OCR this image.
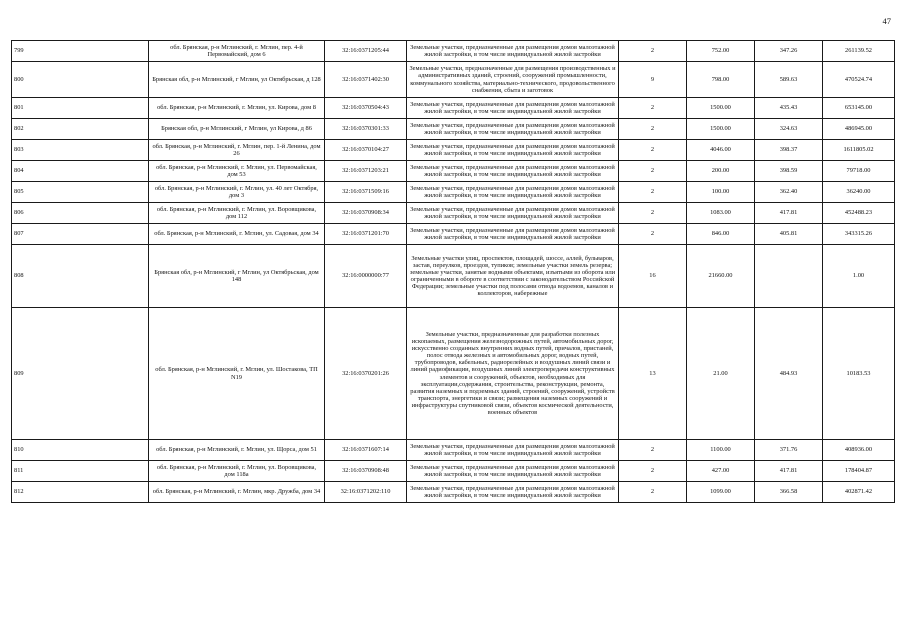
47
799	обл. Брянская, р-н Мглинский, г. Мглин, пер. 4-й Первомайский, дом 6	32:16:0371205:44	Земельные участки, предназначенные для размещения домов малоэтажной жилой застройки, в том числе индивидуальной жилой застройки	2	752.00	347.26	261139.52
800	Брянская обл, р-н Мглинский, г Мглин, ул Октябрьская, д 128	32:16:0371402:30	Земельные участки, предназначенные для размещения производственных и административных зданий, строений, сооружений промышленности, коммунального хозяйства, материально-технического, продовольственного снабжения, сбыта и заготовок	9	798.00	589.63	470524.74
801	обл. Брянская, р-н Мглинский, г. Мглин, ул. Кирова, дом 8	32:16:0370504:43	Земельные участки, предназначенные для размещения домов малоэтажной жилой застройки, в том числе индивидуальной жилой застройки	2	1500.00	435.43	653145.00
802	Брянская обл, р-н Мглинский, г Мглин, ул Кирова, д 86	32:16:0370301:33	Земельные участки, предназначенные для размещения домов малоэтажной жилой застройки, в том числе индивидуальной жилой застройки	2	1500.00	324.63	486945.00
803	обл. Брянская, р-н Мглинский, г. Мглин, пер. 1-й Ленина, дом 26	32:16:0370104:27	Земельные участки, предназначенные для размещения домов малоэтажной жилой застройки, в том числе индивидуальной жилой застройки	2	4046.00	398.37	1611805.02
804	обл. Брянская, р-н Мглинский, г. Мглин, ул. Первомайская, дом 53	32:16:0371203:21	Земельные участки, предназначенные для размещения домов малоэтажной жилой застройки, в том числе индивидуальной жилой застройки	2	200.00	398.59	79718.00
805	обл. Брянская, р-н Мглинский, г. Мглин, ул. 40 лет Октября, дом 3	32:16:0371509:16	Земельные участки, предназначенные для размещения домов малоэтажной жилой застройки, в том числе индивидуальной жилой застройки	2	100.00	362.40	36240.00
806	обл. Брянская, р-н Мглинский, г. Мглин, ул. Воровщикова, дом 112	32:16:0370908:34	Земельные участки, предназначенные для размещения домов малоэтажной жилой застройки, в том числе индивидуальной жилой застройки	2	1083.00	417.81	452488.23
807	обл. Брянская, р-н Мглинский, г. Мглин, ул. Садовая, дом 34	32:16:0371201:70	Земельные участки, предназначенные для размещения домов малоэтажной жилой застройки, в том числе индивидуальной жилой застройки	2	846.00	405.81	343315.26
808	Брянская обл, р-н Мглинский, г Мглин, ул Октябрьская, дом 148	32:16:0000000:77	Земельные участки улиц, проспектов, площадей, шоссе, аллей, бульваров, застав, переулков, проездов, тупиков; земельные участки земель резерва; земельные участки, занятые водными объектами, изъятыми из оборота или ограниченными в обороте в соответствии с законодательством Российской Федерации; земельные участки под полосами отвода водоемов, каналов и коллекторов, набережные	16	21660.00		1.00
809	обл. Брянская, р-н Мглинский, г. Мглин, ул. Шостакова, ТП N19	32:16:0370201:26	Земельные участки, предназначенные для разработки полезных ископаемых, размещения железнодорожных путей, автомобильных дорог, искусственно созданных внутренних водных путей, причалов, пристаней, полос отвода железных и автомобильных дорог, водных путей, трубопроводов, кабельных, радиорелейных и воздушных линий связи и линий радиофикации, воздушных линий электропередачи конструктивных элементов и сооружений, объектов, необходимых для эксплуатации,содержания, строительства, реконструкции, ремонта, развития наземных и подземных зданий, строений, сооружений, устройств транспорта, энергетики и связи; размещения наземных сооружений и инфраструктуры спутниковой связи, объектов космической деятельности, военных объектов	13	21.00	484.93	10183.53
810	обл. Брянская, р-н Мглинский, г. Мглин, ул. Щорса, дом 51	32:16:0371607:14	Земельные участки, предназначенные для размещения домов малоэтажной жилой застройки, в том числе индивидуальной жилой застройки	2	1100.00	371.76	408936.00
811	обл. Брянская, р-н Мглинский, г. Мглин, ул. Воровщикова, дом 118а	32:16:0370908:48	Земельные участки, предназначенные для размещения домов малоэтажной жилой застройки, в том числе индивидуальной жилой застройки	2	427.00	417.81	178404.87
812	обл. Брянская, р-н Мглинский, г. Мглин, мкр. Дружба, дом 34	32:16:0371202:110	Земельные участки, предназначенные для размещения домов малоэтажной жилой застройки, в том числе индивидуальной жилой застройки	2	1099.00	366.58	402871.42
